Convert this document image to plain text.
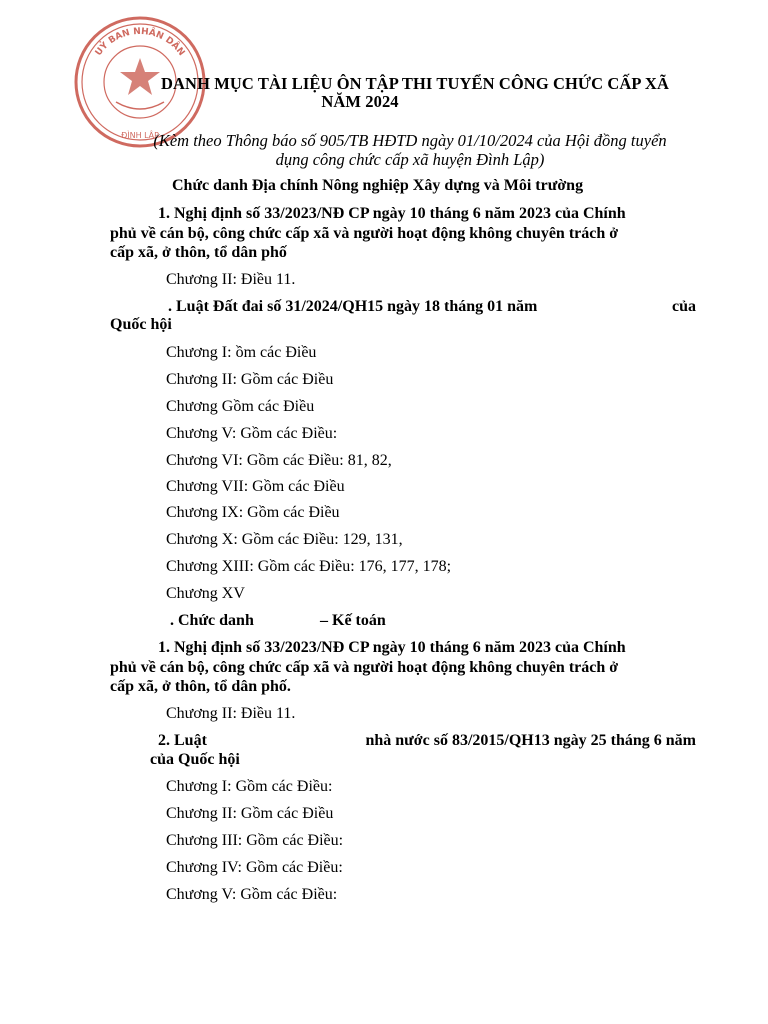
UỶ BAN NHÂN DÂN
ĐÌNH LẬP
DANH MỤC TÀI LIỆU ÔN TẬP THI TUYỂN CÔNG CHỨC CẤP XÃ
NĂM 2024
(Kèm theo Thông báo số 905/TB HĐTD ngày 01/10/2024 của Hội đồng tuyển
dụng công chức cấp xã huyện Đình Lập)
Chức danh Địa chính Nông nghiệp Xây dựng và Môi trường
1. Nghị định số 33/2023/NĐ CP ngày 10 tháng 6 năm 2023 của Chính
phủ về cán bộ, công chức cấp xã và người hoạt động không chuyên trách ở
cấp xã, ở thôn, tổ dân phố
Chương II: Điều 11.
. Luật Đất đai số 31/2024/QH15 ngày 18 tháng 01 năm	của
Quốc hội
Chương I: ồm các Điều
Chương II: Gồm các Điều
Chương Gồm các Điều
Chương V: Gồm các Điều:
Chương VI: Gồm các Điều: 81, 82,
Chương VII: Gồm các Điều
Chương IX: Gồm các Điều
Chương X: Gồm các Điều: 129, 131,
Chương XIII: Gồm các Điều: 176, 177, 178;
Chương XV
. Chức danh	– Kế toán
1. Nghị định số 33/2023/NĐ CP ngày 10 tháng 6 năm 2023 của Chính
phủ về cán bộ, công chức cấp xã và người hoạt động không chuyên trách ở
cấp xã, ở thôn, tổ dân phố.
Chương II: Điều 11.
2. Luật	nhà nước số 83/2015/QH13 ngày 25 tháng 6 năm
của Quốc hội
Chương I: Gồm các Điều:
Chương II: Gồm các Điều
Chương III: Gồm các Điều:
Chương IV: Gồm các Điều:
Chương V: Gồm các Điều:
